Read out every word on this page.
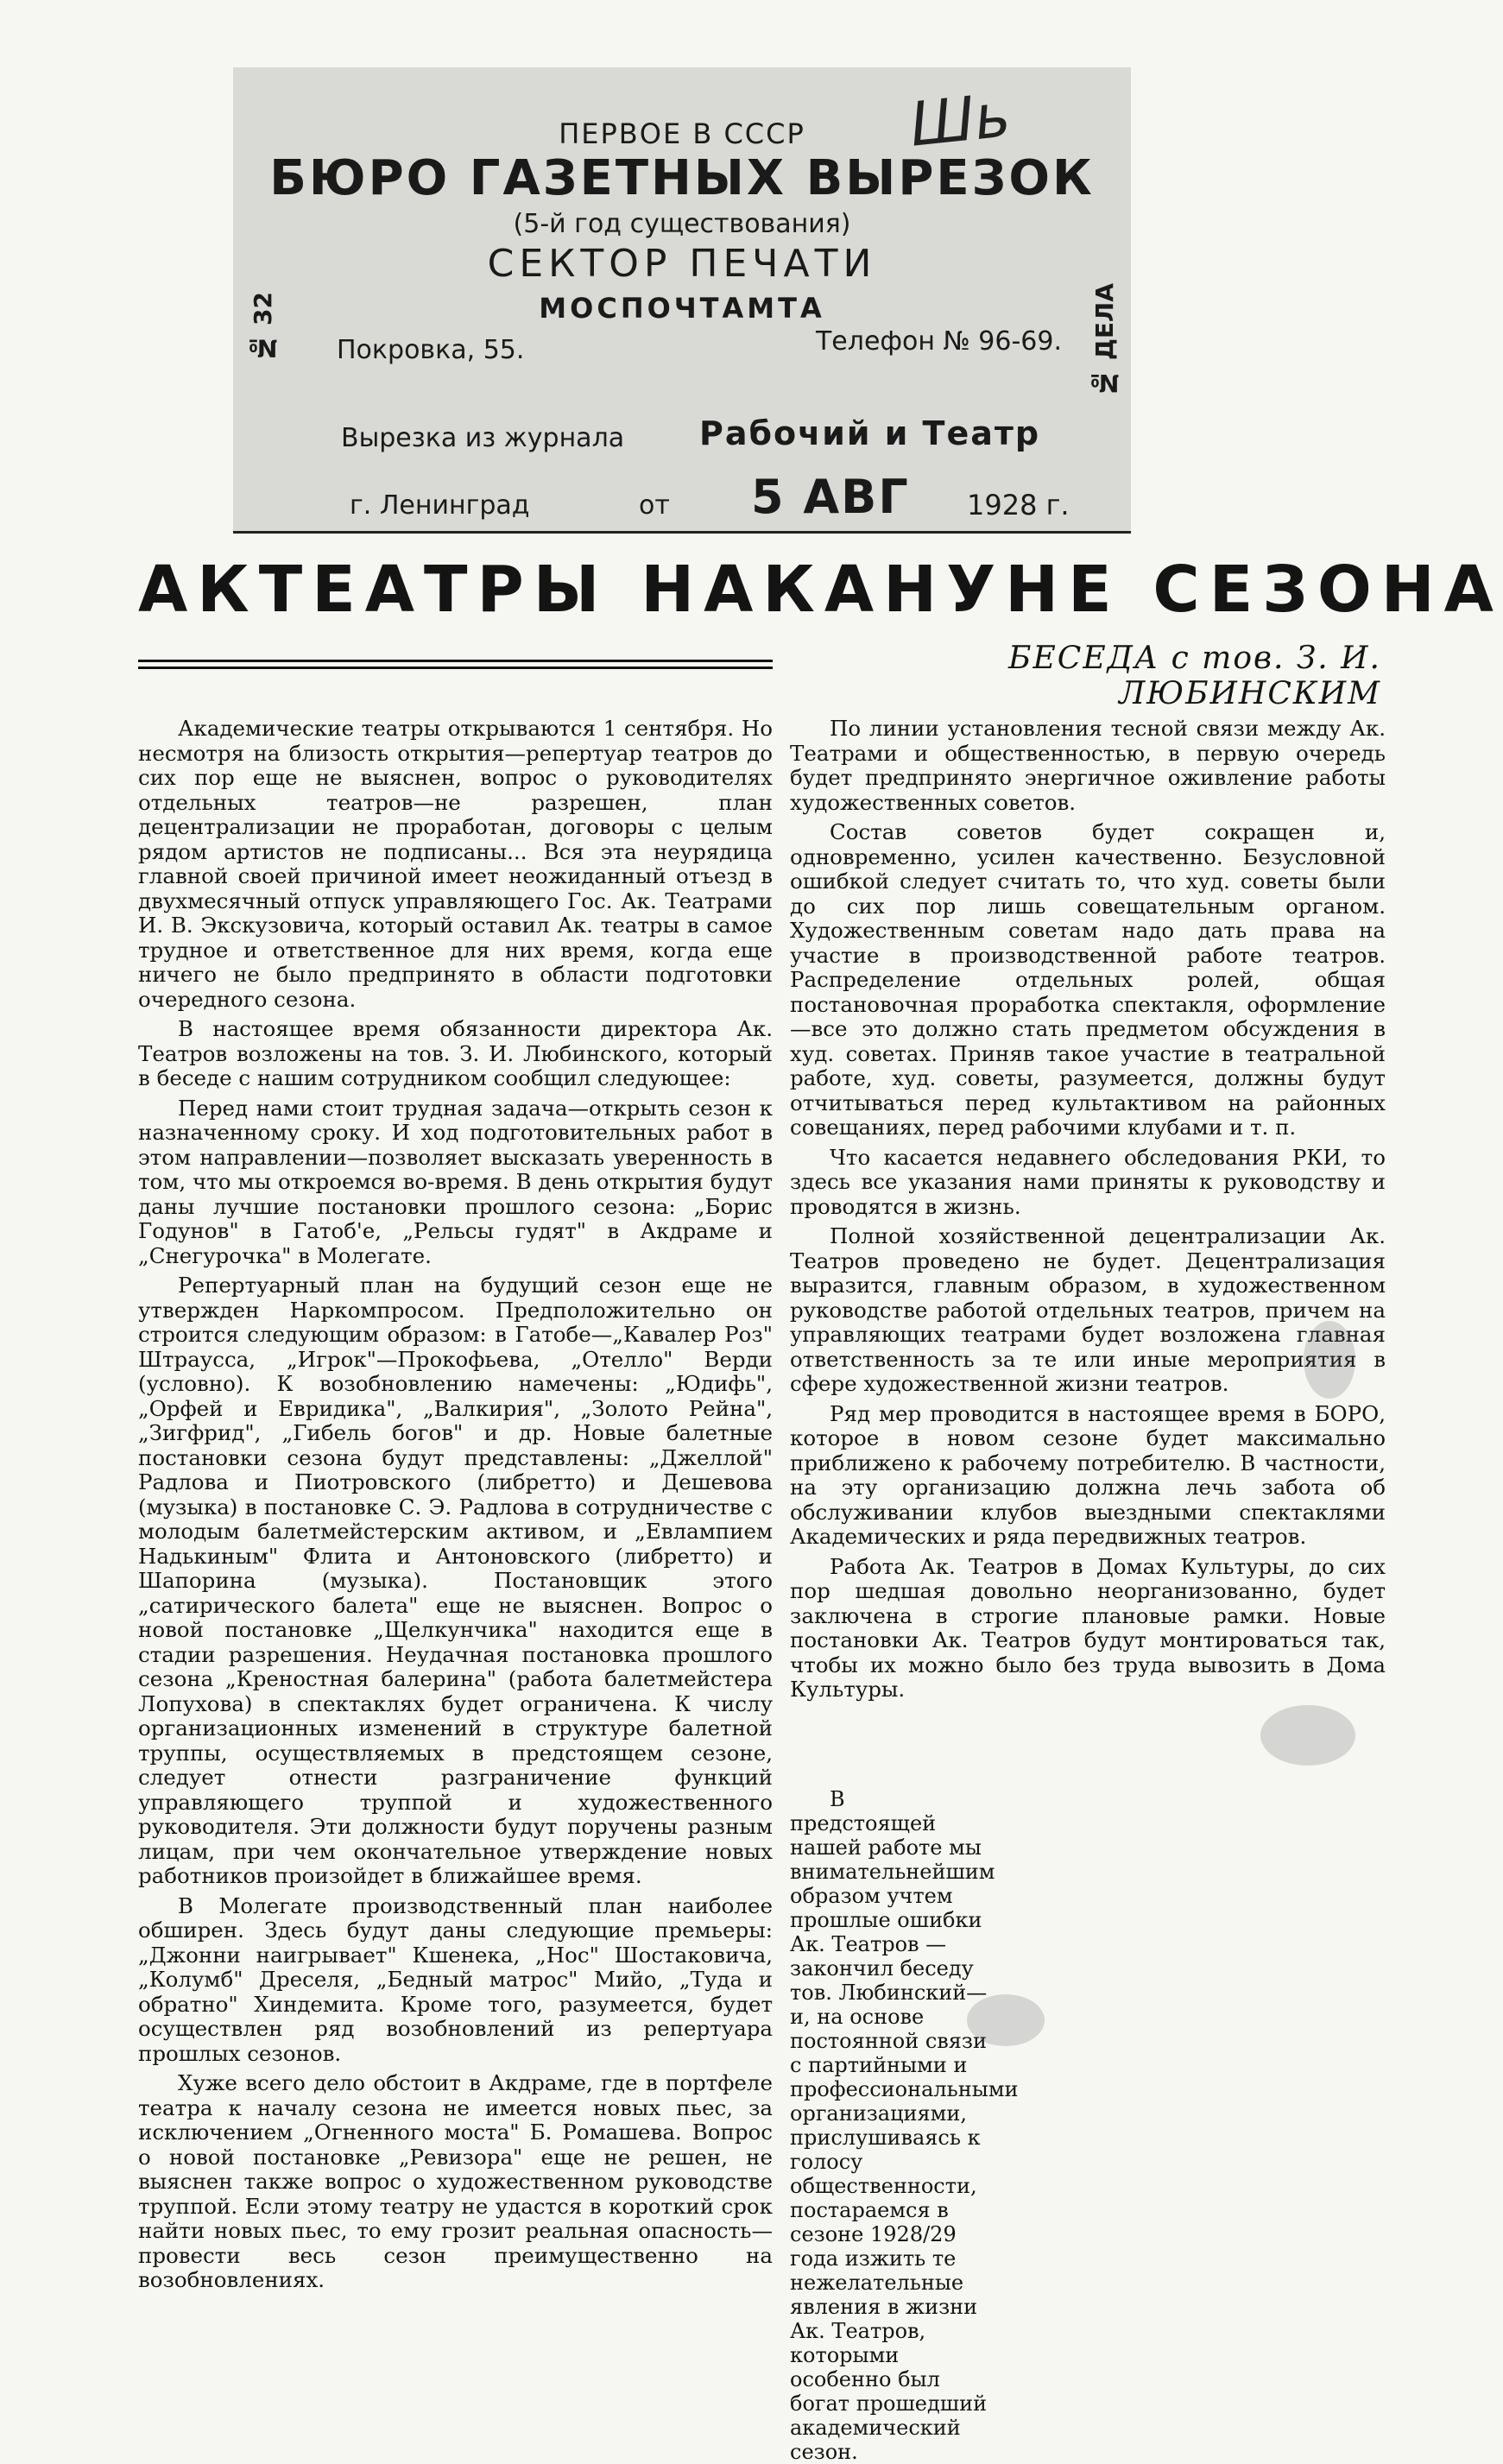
ПЕРВОЕ В СССР
БЮРО ГАЗЕТНЫХ ВЫРЕЗОК
(5-й год существования)
СЕКТОР ПЕЧАТИ
МОСПОЧТАМТА
Покровка, 55.	Телефон № 96-69.
№ 32	№ ДЕЛА
Шь
Вырезка из журнала Рабочий и Театр
г. Ленинград	от 5 АВГ 1928 г.
АКТЕАТРЫ НАКАНУНЕ СЕЗОНА
БЕСЕДА с тов. З. И. ЛЮБИНСКИМ

Академические театры открываются 1 сентября. Но несмотря на близость открытия—репертуар театров до сих пор еще не выяснен, вопрос о руководителях отдельных театров—не разрешен, план децентрализации не проработан, договоры с целым рядом артистов не подписаны... Вся эта неурядица главной своей причиной имеет неожиданный отъезд в двухмесячный отпуск управляющего Гос. Ак. Театрами И. В. Экскузовича, который оставил Ак. театры в самое трудное и ответственное для них время, когда еще ничего не было предпринято в области подготовки очередного сезона.

В настоящее время обязанности директора Ак. Театров возложены на тов. З. И. Любинского, который в беседе с нашим сотрудником сообщил следующее:

Перед нами стоит трудная задача—открыть сезон к назначенному сроку. И ход подготовительных работ в этом направлении—позволяет высказать уверенность в том, что мы откроемся во-время. В день открытия будут даны лучшие постановки прошлого сезона: „Борис Годунов" в Гатоб'е, „Рельсы гудят" в Акдраме и „Снегурочка" в Молегате.

Репертуарный план на будущий сезон еще не утвержден Наркомпросом. Предположительно он строится следующим образом: в Гатобе—„Кавалер Роз" Штраусса, „Игрок"—Прокофьева, „Отелло" Верди (условно). К возобновлению намечены: „Юдифь", „Орфей и Евридика", „Валкирия", „Золото Рейна", „Зигфрид", „Гибель богов" и др. Новые балетные постановки сезона будут представлены: „Джеллой" Радлова и Пиотровского (либретто) и Дешевова (музыка) в постановке С. Э. Радлова в сотрудничестве с молодым балетмейстерским активом, и „Евлампием Надькиным" Флита и Антоновского (либретто) и Шапорина (музыка). Постановщик этого „сатирического балета" еще не выяснен. Вопрос о новой постановке „Щелкунчика" находится еще в стадии разрешения. Неудачная постановка прошлого сезона „Креностная балерина" (работа балетмейстера Лопухова) в спектаклях будет ограничена. К числу организационных изменений в структуре балетной труппы, осуществляемых в предстоящем сезоне, следует отнести разграничение функций управляющего труппой и художественного руководителя. Эти должности будут поручены разным лицам, при чем окончательное утверждение новых работников произойдет в ближайшее время.

В Молегате производственный план наиболее обширен. Здесь будут даны следующие премьеры: „Джонни наигрывает" Кшенека, „Нос" Шостаковича, „Колумб" Дреселя, „Бедный матрос" Мийо, „Туда и обратно" Хиндемита. Кроме того, разумеется, будет осуществлен ряд возобновлений из репертуара прошлых сезонов.

Хуже всего дело обстоит в Акдраме, где в портфеле театра к началу сезона не имеется новых пьес, за исключением „Огненного моста" Б. Ромашева. Вопрос о новой постановке „Ревизора" еще не решен, не выяснен также вопрос о художественном руководстве труппой. Если этому театру не удастся в короткий срок найти новых пьес, то ему грозит реальная опасность—провести весь сезон преимущественно на возобновлениях.

По линии установления тесной связи между Ак. Театрами и общественностью, в первую очередь будет предпринято энергичное оживление работы художественных советов.

Состав советов будет сокращен и, одновременно, усилен качественно. Безусловной ошибкой следует считать то, что худ. советы были до сих пор лишь совещательным органом. Художественным советам надо дать права на участие в производственной работе театров. Распределение отдельных ролей, общая постановочная проработка спектакля, оформление—все это должно стать предметом обсуждения в худ. советах. Приняв такое участие в театральной работе, худ. советы, разумеется, должны будут отчитываться перед культактивом на районных совещаниях, перед рабочими клубами и т. п.

Что касается недавнего обследования РКИ, то здесь все указания нами приняты к руководству и проводятся в жизнь.

Полной хозяйственной децентрализации Ак. Театров проведено не будет. Децентрализация выразится, главным образом, в художественном руководстве работой отдельных театров, причем на управляющих театрами будет возложена главная ответственность за те или иные мероприятия в сфере художественной жизни театров.

Ряд мер проводится в настоящее время в БОРО, которое в новом сезоне будет максимально приближено к рабочему потребителю. В частности, на эту организацию должна лечь забота об обслуживании клубов выездными спектаклями Академических и ряда передвижных театров.

Работа Ак. Театров в Домах Культуры, до сих пор шедшая довольно неорганизованно, будет заключена в строгие плановые рамки. Новые постановки Ак. Театров будут монтироваться так, чтобы их можно было без труда вывозить в Дома Культуры.

В предстоящей нашей работе мы внимательнейшим образом учтем прошлые ошибки Ак. Театров — закончил беседу тов. Любинский—и, на основе постоянной связи с партийными и профессиональными организациями, прислушиваясь к голосу общественности, постараемся в сезоне 1928/29 года изжить те нежелательные явления в жизни Ак. Театров, которыми особенно был богат прошедший академический сезон.
